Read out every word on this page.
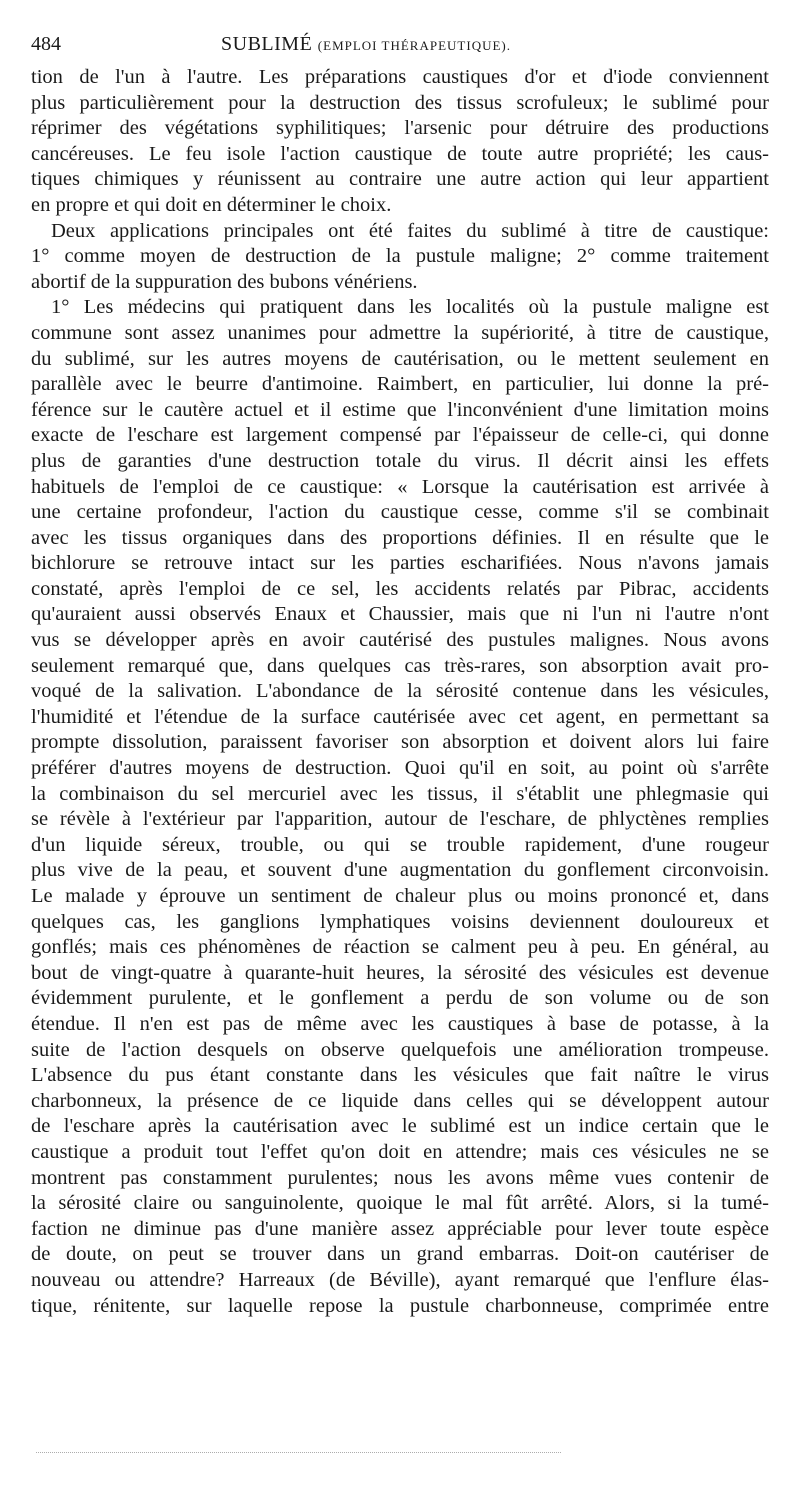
484	SUBLIMÉ (EMPLOI THÉRAPEUTIQUE).
tion de l'un à l'autre. Les préparations caustiques d'or et d'iode conviennent
plus particulièrement pour la destruction des tissus scrofuleux; le sublimé pour
réprimer des végétations syphilitiques; l'arsenic pour détruire des productions
cancéreuses. Le feu isole l'action caustique de toute autre propriété; les caus-
tiques chimiques y réunissent au contraire une autre action qui leur appartient
en propre et qui doit en déterminer le choix.
Deux applications principales ont été faites du sublimé à titre de caustique:
1° comme moyen de destruction de la pustule maligne; 2° comme traitement
abortif de la suppuration des bubons vénériens.
1° Les médecins qui pratiquent dans les localités où la pustule maligne est
commune sont assez unanimes pour admettre la supériorité, à titre de caustique,
du sublimé, sur les autres moyens de cautérisation, ou le mettent seulement en
parallèle avec le beurre d'antimoine. Raimbert, en particulier, lui donne la pré-
férence sur le cautère actuel et il estime que l'inconvénient d'une limitation moins
exacte de l'eschare est largement compensé par l'épaisseur de celle-ci, qui donne
plus de garanties d'une destruction totale du virus. Il décrit ainsi les effets
habituels de l'emploi de ce caustique: « Lorsque la cautérisation est arrivée à
une certaine profondeur, l'action du caustique cesse, comme s'il se combinait
avec les tissus organiques dans des proportions définies. Il en résulte que le
bichlorure se retrouve intact sur les parties escharifiées. Nous n'avons jamais
constaté, après l'emploi de ce sel, les accidents relatés par Pibrac, accidents
qu'auraient aussi observés Enaux et Chaussier, mais que ni l'un ni l'autre n'ont
vus se développer après en avoir cautérisé des pustules malignes. Nous avons
seulement remarqué que, dans quelques cas très-rares, son absorption avait pro-
voqué de la salivation. L'abondance de la sérosité contenue dans les vésicules,
l'humidité et l'étendue de la surface cautérisée avec cet agent, en permettant sa
prompte dissolution, paraissent favoriser son absorption et doivent alors lui faire
préférer d'autres moyens de destruction. Quoi qu'il en soit, au point où s'arrête
la combinaison du sel mercuriel avec les tissus, il s'établit une phlegmasie qui
se révèle à l'extérieur par l'apparition, autour de l'eschare, de phlyctènes remplies
d'un liquide séreux, trouble, ou qui se trouble rapidement, d'une rougeur
plus vive de la peau, et souvent d'une augmentation du gonflement circonvoisin.
Le malade y éprouve un sentiment de chaleur plus ou moins prononcé et, dans
quelques cas, les ganglions lymphatiques voisins deviennent douloureux et
gonflés; mais ces phénomènes de réaction se calment peu à peu. En général, au
bout de vingt-quatre à quarante-huit heures, la sérosité des vésicules est devenue
évidemment purulente, et le gonflement a perdu de son volume ou de son
étendue. Il n'en est pas de même avec les caustiques à base de potasse, à la
suite de l'action desquels on observe quelquefois une amélioration trompeuse.
L'absence du pus étant constante dans les vésicules que fait naître le virus
charbonneux, la présence de ce liquide dans celles qui se développent autour
de l'eschare après la cautérisation avec le sublimé est un indice certain que le
caustique a produit tout l'effet qu'on doit en attendre; mais ces vésicules ne se
montrent pas constamment purulentes; nous les avons même vues contenir de
la sérosité claire ou sanguinolente, quoique le mal fût arrêté. Alors, si la tumé-
faction ne diminue pas d'une manière assez appréciable pour lever toute espèce
de doute, on peut se trouver dans un grand embarras. Doit-on cautériser de
nouveau ou attendre? Harreaux (de Béville), ayant remarqué que l'enflure élas-
tique, rénitente, sur laquelle repose la pustule charbonneuse, comprimée entre
